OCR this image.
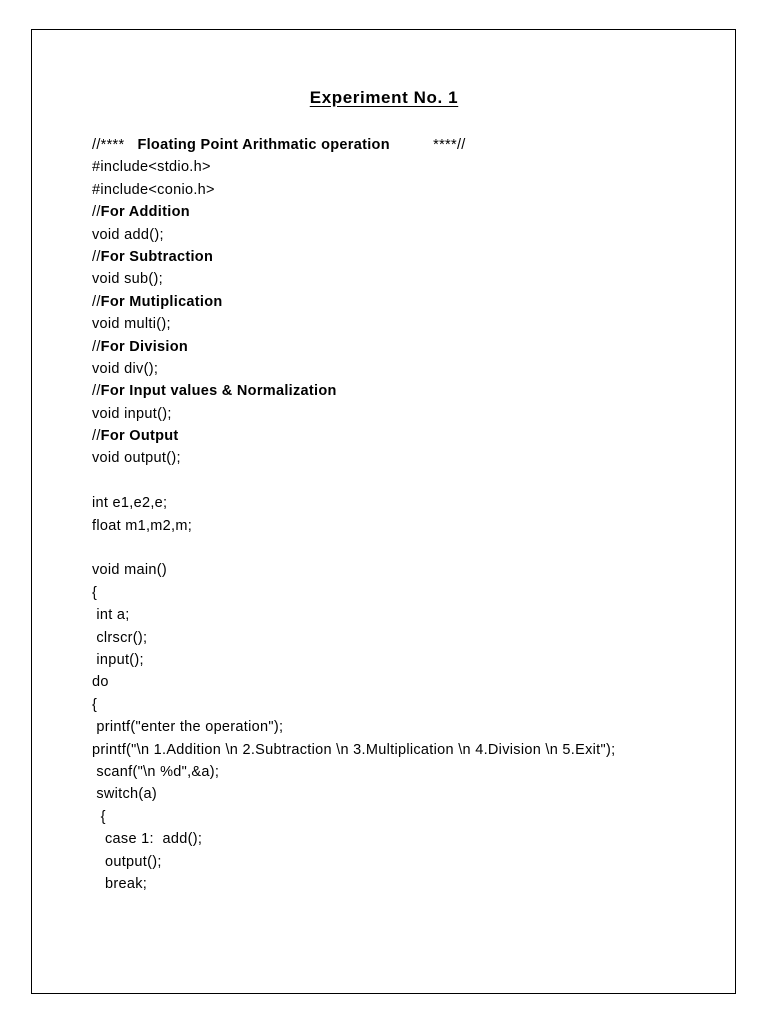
Experiment No. 1
//**** Floating Point Arithmatic operation	****//
#include<stdio.h>
#include<conio.h>
//For Addition
void add();
//For Subtraction
void sub();
//For Mutiplication
void multi();
//For Division
void div();
//For Input values & Normalization
void input();
//For Output
void output();
int e1,e2,e;
float m1,m2,m;
void main()
{
int a;
clrscr();
input();
do
{
printf("enter the operation");
printf("\n 1.Addition \n 2.Subtraction \n 3.Multiplication \n 4.Division \n 5.Exit");
scanf("\n %d",&a);
switch(a)
{
case 1:  add();
output();
break;
